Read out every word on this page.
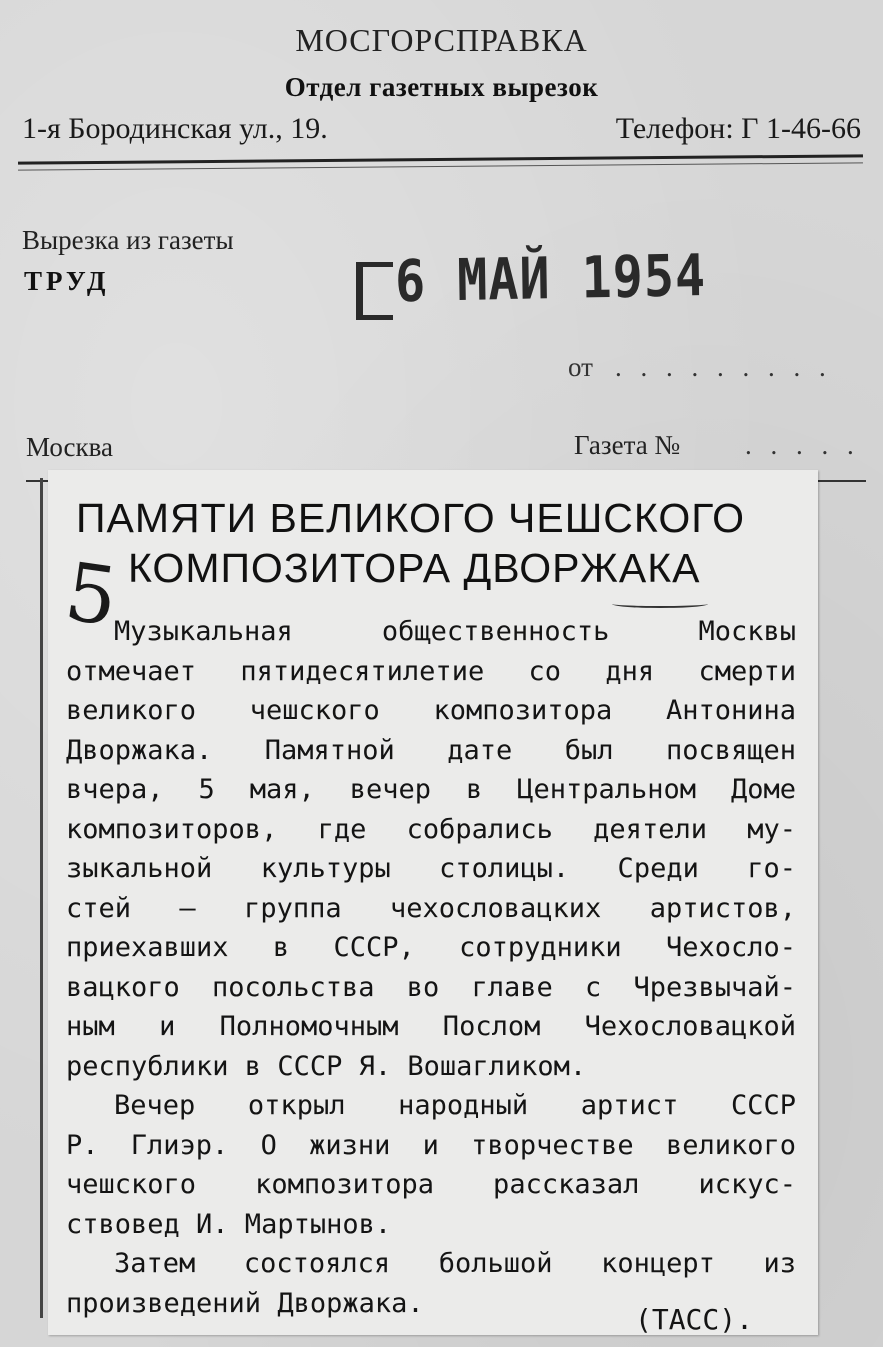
МОСГОРСПРАВКА
Отдел газетных вырезок
1-я Бородинская ул., 19.	Телефон: Г 1-46-66
Вырезка из газеты
ТРУД	6 МАЙ 1954
от . . . . . . . . .
Москва	Газета № . . . . .
ПАМЯТИ ВЕЛИКОГО ЧЕШСКОГО
5 КОМПОЗИТОРА ДВОРЖАКА
Музыкальная общественность Москвы
отмечает пятидесятилетие со дня смерти
великого чешского композитора Антонина
Дворжака. Памятной дате был посвящен
вчера, 5 мая, вечер в Центральном Доме
композиторов, где собрались деятели му-
зыкальной культуры столицы. Среди го-
стей — группа чехословацких артистов,
приехавших в СССР, сотрудники Чехосло-
вацкого посольства во главе с Чрезвычай-
ным и Полномочным Послом Чехословацкой
республики в СССР Я. Вошагликом.
Вечер открыл народный артист СССР
Р. Глиэр. О жизни и творчестве великого
чешского композитора рассказал искус-
ствовед И. Мартынов.
Затем состоялся большой концерт из
произведений Дворжака.	(ТАСС).
